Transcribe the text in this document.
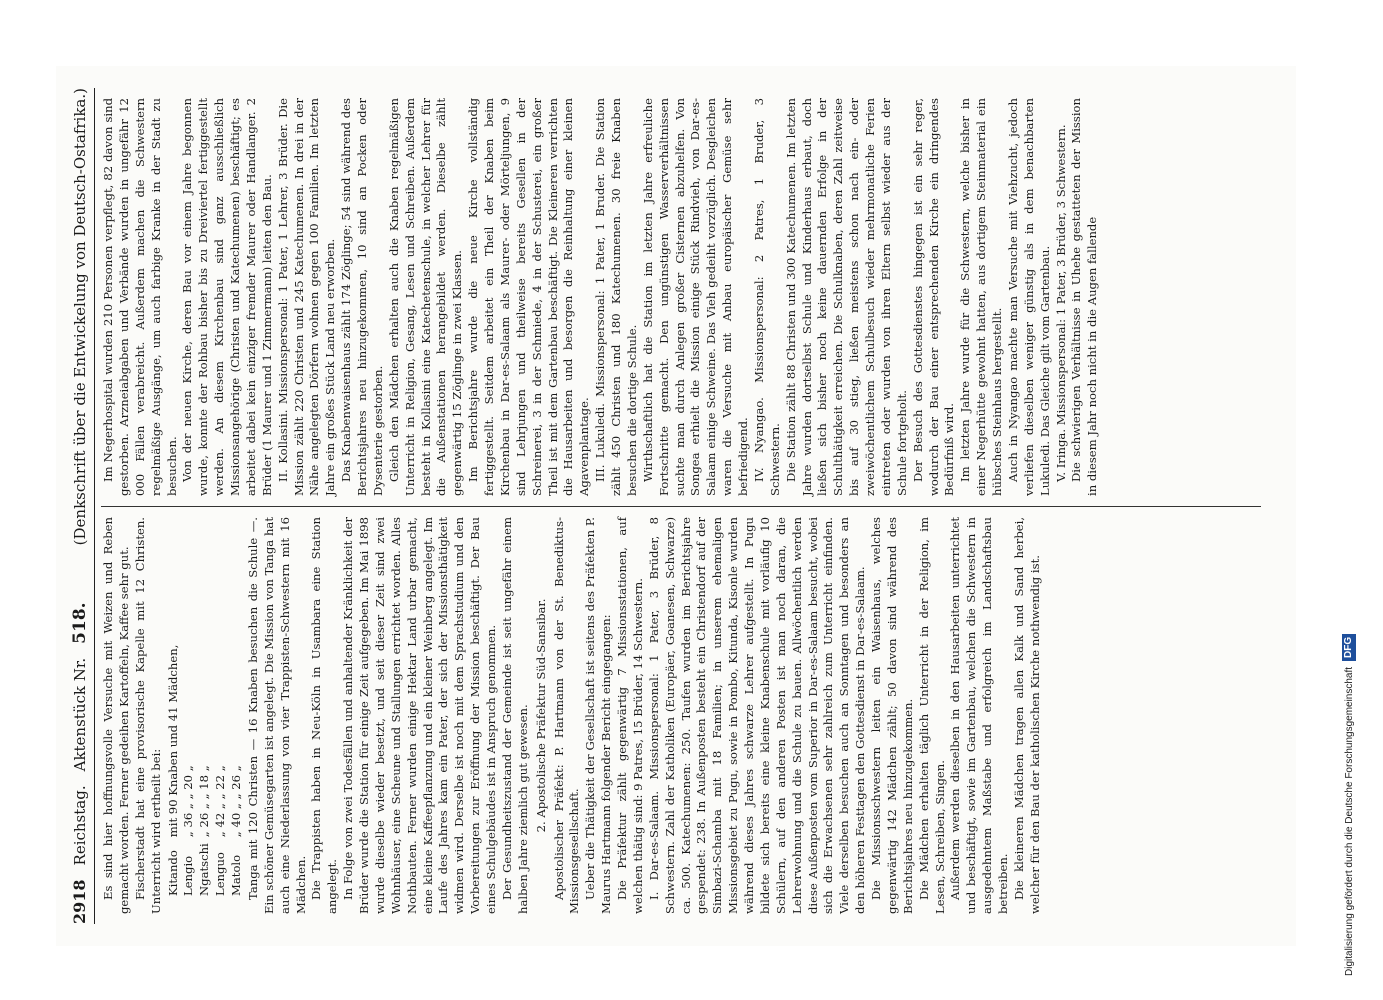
2918
Reichstag.
Aktenstück Nr.
518.
(Denkschrift über die Entwickelung von Deutsch-Ostafrika.)

Es sind hier hoffnungsvolle Versuche mit Weizen und Reben gemacht worden. Ferner gedeihen Kartoffeln, Kaffee sehr gut. Fischerstadt hat eine provisorische Kapelle mit 12 Christen. Unterricht wird ertheilt bei: Kitando	mit 90 Knaben und 41 Mädchen,
Lengio	„ 36 „ „ 20 „
Ngatschi	„ 26 „ „ 18 „
Lenguo	„ 42 „ „ 22 „
Matolo	„ 40 „ „ 26 „ Tanga mit 120 Christen — 16 Knaben besuchen die Schule —. Ein schöner Gemüsegarten ist angelegt. Die Mission von Tanga hat auch eine Niederlassung von vier Trappisten-Schwestern mit 16 Mädchen. Die Trappisten haben in Neu-Köln in Usambara eine Station angelegt. In Folge von zwei Todesfällen und anhaltender Kränklichkeit der Brüder wurde die Station für einige Zeit aufgegeben. Im Mai 1898 wurde dieselbe wieder besetzt, und seit dieser Zeit sind zwei Wohnhäuser, eine Scheune und Stallungen errichtet worden. Alles Nothbauten. Ferner wurden einige Hektar Land urbar gemacht, eine kleine Kaffeepflanzung und ein kleiner Weinberg angelegt. Im Laufe des Jahres kam ein Pater, der sich der Missionsthätigkeit widmen wird. Derselbe ist noch mit dem Sprachstudium und den Vorbereitungen zur Eröffnung der Mission beschäftigt. Der Bau eines Schulgebäudes ist in Anspruch genommen. Der Gesundheitszustand der Gemeinde ist seit ungefähr einem halben Jahre ziemlich gut gewesen. 2. Apostolische Präfektur Süd-Sansibar. Apostolischer Präfekt: P. Hartmann von der St. Benediktus-Missionsgesellschaft. Ueber die Thätigkeit der Gesellschaft ist seitens des Präfekten P. Maurus Hartmann folgender Bericht eingegangen: Die Präfektur zählt gegenwärtig 7 Missionsstationen, auf welchen thätig sind: 9 Patres, 15 Brüder, 14 Schwestern. I. Dar-es-Salaam. Missionspersonal: 1 Pater, 3 Brüder, 8 Schwestern. Zahl der Katholiken (Europäer, Goanesen, Schwarze) ca. 500. Katechumenen: 250. Taufen wurden im Berichtsjahre gespendet: 238. In Außenposten besteht ein Christendorf auf der Simbazi-Schamba mit 18 Familien; in unserem ehemaligen Missionsgebiet zu Pugu, sowie in Pombo, Kitunda, Kisonle wurden während dieses Jahres schwarze Lehrer aufgestellt. In Pugu bildete sich bereits eine kleine Knabenschule mit vorläufig 10 Schülern, auf den anderen Posten ist man noch daran, die Lehrerwohnung und die Schule zu bauen. Allwöchentlich werden diese Außenposten vom Superior in Dar-es-Salaam besucht, wobei sich die Erwachsenen sehr zahlreich zum Unterricht einfinden. Viele derselben besuchen auch an Sonntagen und besonders an den höheren Festtagen den Gottesdienst in Dar-es-Salaam. Die Missionsschwestern leiten ein Waisenhaus, welches gegenwärtig 142 Mädchen zählt; 50 davon sind während des Berichtsjahres neu hinzugekommen. Die Mädchen erhalten täglich Unterricht in der Religion, im Lesen, Schreiben, Singen. Außerdem werden dieselben in den Hausarbeiten unterrichtet und beschäftigt, sowie im Gartenbau, welchen die Schwestern in ausgedehntem Maßstabe und erfolgreich im Landschaftsbau betreiben. Die kleineren Mädchen tragen allen Kalk und Sand herbei, welcher für den Bau der katholischen Kirche nothwendig ist.

Im Negerhospital wurden 210 Personen verpflegt, 82 davon sind gestorben. Arzneiabgaben und Verbände wurden in ungefähr 12 000 Fällen verabreicht. Außerdem machen die Schwestern regelmäßige Ausgänge, um auch farbige Kranke in der Stadt zu besuchen. Von der neuen Kirche, deren Bau vor einem Jahre begonnen wurde, konnte der Rohbau bisher bis zu Dreiviertel fertiggestellt werden. An diesem Kirchenbau sind ganz ausschließlich Missionsangehörige (Christen und Katechumenen) beschäftigt; es arbeitet dabei kein einziger fremder Maurer oder Handlanger. 2 Brüder (1 Maurer und 1 Zimmermann) leiten den Bau. II. Kollasini. Missionspersonal: 1 Pater, 1 Lehrer, 3 Brüder. Die Mission zählt 220 Christen und 245 Katechumenen. In drei in der Nähe angelegten Dörfern wohnen gegen 100 Familien. Im letzten Jahre ein großes Stück Land neu erworben. Das Knabenwaisenhaus zählt 174 Zöglinge; 54 sind während des Berichtsjahres neu hinzugekommen, 10 sind an Pocken oder Dysenterie gestorben. Gleich den Mädchen erhalten auch die Knaben regelmäßigen Unterricht in Religion, Gesang, Lesen und Schreiben. Außerdem besteht in Kollasini eine Katechetenschule, in welcher Lehrer für die Außenstationen herangebildet werden. Dieselbe zählt gegenwärtig 15 Zöglinge in zwei Klassen. Im Berichtsjahre wurde die neue Kirche vollständig fertiggestellt. Seitdem arbeitet ein Theil der Knaben beim Kirchenbau in Dar-es-Salaam als Maurer- oder Mörteljungen, 9 sind Lehrjungen und theilweise bereits Gesellen in der Schreinerei, 3 in der Schmiede, 4 in der Schusterei, ein großer Theil ist mit dem Gartenbau beschäftigt. Die Kleineren verrichten die Hausarbeiten und besorgen die Reinhaltung einer kleinen Agavenplantage. III. Lukuledi. Missionspersonal: 1 Pater, 1 Bruder. Die Station zählt 450 Christen und 180 Katechumenen. 30 freie Knaben besuchen die dortige Schule. Wirthschaftlich hat die Station im letzten Jahre erfreuliche Fortschritte gemacht. Den ungünstigen Wasserverhältnissen suchte man durch Anlegen großer Cisternen abzuhelfen. Von Songea erhielt die Mission einige Stück Rindvieh, von Dar-es-Salaam einige Schweine. Das Vieh gedeiht vorzüglich. Desgleichen waren die Versuche mit Anbau europäischer Gemüse sehr befriedigend. IV. Nyangao. Missionspersonal: 2 Patres, 1 Bruder, 3 Schwestern. Die Station zählt 88 Christen und 300 Katechumenen. Im letzten Jahre wurden dortselbst Schule und Kinderhaus erbaut, doch ließen sich bisher noch keine dauernden Erfolge in der Schulthätigkeit erreichen. Die Schulknaben, deren Zahl zeitweise bis auf 30 stieg, ließen meistens schon nach ein- oder zweiwöchentlichem Schulbesuch wieder mehrmonatliche Ferien eintreten oder wurden von ihren Eltern selbst wieder aus der Schule fortgeholt. Der Besuch des Gottesdienstes hingegen ist ein sehr reger, wodurch der Bau einer entsprechenden Kirche ein dringendes Bedürfniß wird. Im letzten Jahre wurde für die Schwestern, welche bisher in einer Negerhütte gewohnt hatten, aus dortigem Steinmaterial ein hübsches Steinhaus hergestellt. Auch in Nyangao machte man Versuche mit Viehzucht, jedoch verliefen dieselben weniger günstig als in dem benachbarten Lukuledi. Das Gleiche gilt vom Gartenbau. V. Iringa. Missionspersonal: 1 Pater, 3 Brüder, 3 Schwestern. Die schwierigen Verhältnisse in Uhehe gestatteten der Mission in diesem Jahr noch nicht in die Augen fallende

Digitalisierung gefördert durch die Deutsche Forschungsgemeinschaft
DFG
